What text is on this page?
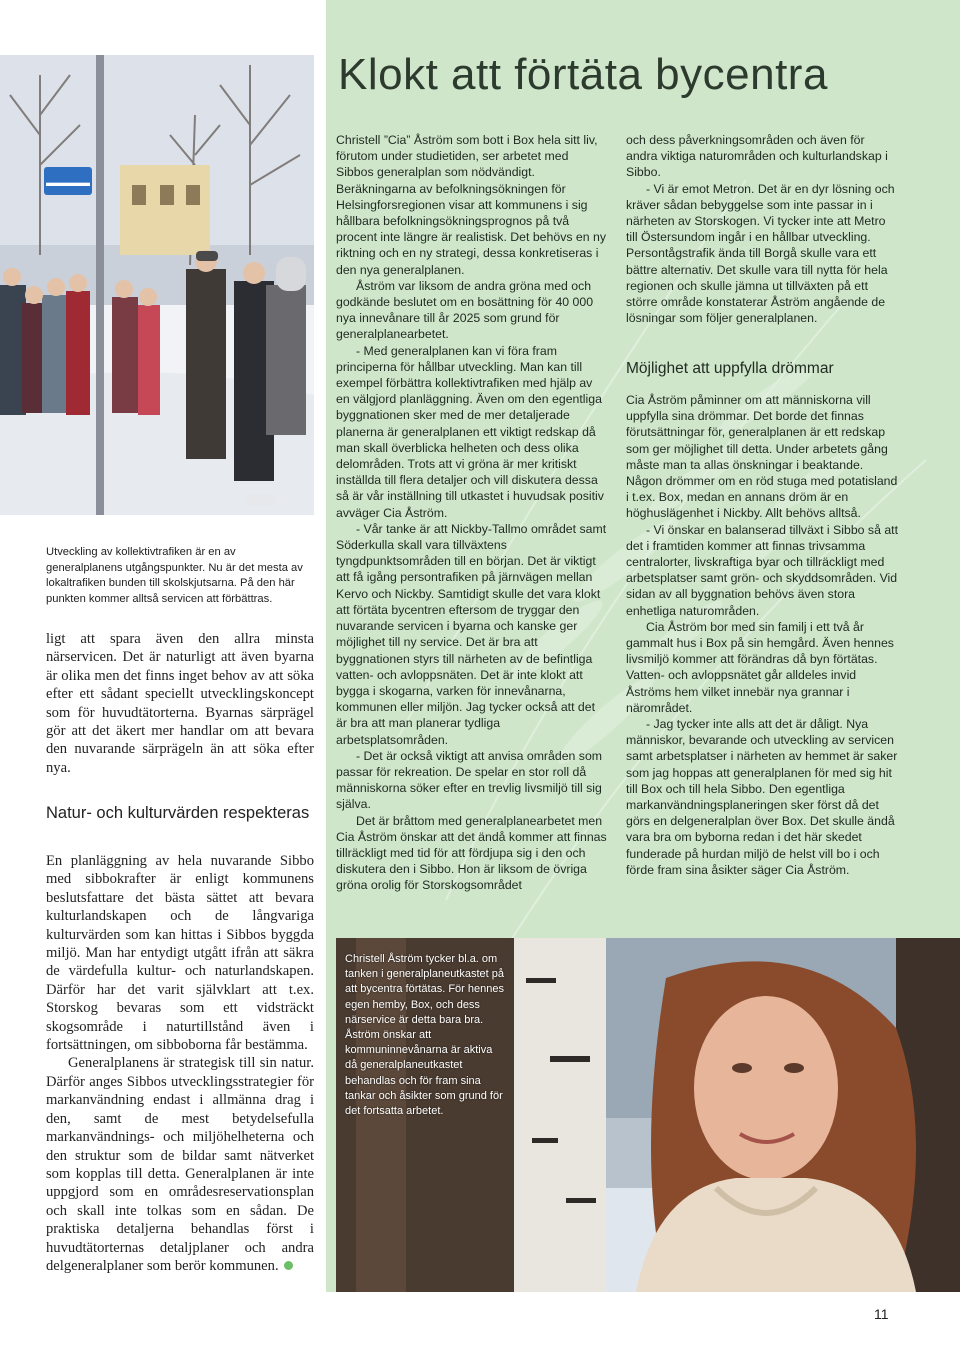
Klokt att förtäta bycentra
▬▬▬▬

Utveckling av kollektivtrafiken är en av generalplanens utgångspunkter. Nu är det mesta av lokaltrafiken bunden till skolskjutsarna. På den här punkten kommer alltså servicen att förbättras.

ligt att spara även den allra minsta närservicen. Det är naturligt att även byarna är olika men det finns inget behov av att söka efter ett sådant speciellt utvecklingskoncept som för huvudtätorterna. Byarnas särprägel gör att det äkert mer handlar om att bevara den nuvarande särprägeln än att söka efter nya.

Natur- och kulturvärden respekteras

En planläggning av hela nuvarande Sibbo med sibbokrafter är enligt kommunens beslutsfattare det bästa sättet att bevara kulturlandskapen och de långvariga kulturvärden som kan hittas i Sibbos byggda miljö. Man har entydigt utgått ifrån att säkra de värdefulla kultur- och naturlandskapen. Därför har det varit självklart att t.ex. Storskog bevaras som ett vidsträckt skogsområde i naturtillstånd även i fortsättningen, om sibboborna får bestämma.

Generalplanens är strategisk till sin natur. Därför anges Sibbos utvecklingsstrategier för markanvändning endast i allmänna drag i den, samt de mest betydelsefulla markanvändnings- och miljöhelheterna och den struktur som de bildar samt nätverket som kopplas till detta. Generalplanen är inte uppgjord som en områdesreservationsplan och skall inte tolkas som en sådan. De praktiska detaljerna behandlas först i huvudtätorternas detaljplaner och andra delgeneralplaner som berör kommunen.

Christell ”Cia” Åström som bott i Box hela sitt liv, förutom under studietiden, ser arbetet med Sibbos generalplan som nödvändigt. Beräkningarna av befolkningsökningen för Helsingforsregionen visar att kommunens i sig hållbara befolkningsökningsprognos på två procent inte längre är realistisk. Det behövs en ny riktning och en ny strategi, dessa konkretiseras i den nya generalplanen.

Åström var liksom de andra gröna med och godkände beslutet om en bosättning för 40 000 nya innevånare till år 2025 som grund för generalplanearbetet.

- Med generalplanen kan vi föra fram principerna för hållbar utveckling. Man kan till exempel förbättra kollektivtrafiken med hjälp av en välgjord planläggning. Även om den egentliga byggnationen sker med de mer detaljerade planerna är generalplanen ett viktigt redskap då man skall överblicka helheten och dess olika delområden. Trots att vi gröna är mer kritiskt inställda till flera detaljer och vill diskutera dessa så är vår inställning till utkastet i huvudsak positiv avväger Cia Åström.

- Vår tanke är att Nickby-Tallmo området samt Söderkulla skall vara tillväxtens tyngdpunktsområden till en början. Det är viktigt att få igång persontrafiken på järnvägen mellan Kervo och Nickby. Samtidigt skulle det vara klokt att förtäta bycentren eftersom de tryggar den nuvarande servicen i byarna och kanske ger möjlighet till ny service. Det är bra att byggnationen styrs till närheten av de befintliga vatten- och avloppsnäten. Det är inte klokt att bygga i skogarna, varken för innevånarna, kommunen eller miljön. Jag tycker också att det är bra att man planerar tydliga arbetsplatsområden.

- Det är också viktigt att anvisa områden som passar för rekreation. De spelar en stor roll då människorna söker efter en trevlig livsmiljö till sig själva.

Det är bråttom med generalplanearbetet men Cia Åström önskar att det ändå kommer att finnas tillräckligt med tid för att fördjupa sig i den och diskutera den i Sibbo. Hon är liksom de övriga gröna orolig för Storskogsområdet

och dess påverkningsområden och även för andra viktiga naturområden och kulturlandskap i Sibbo.

- Vi är emot Metron. Det är en dyr lösning och kräver sådan bebyggelse som inte passar in i närheten av Storskogen. Vi tycker inte att Metro till Östersundom ingår i en hållbar utveckling. Persontågstrafik ända till Borgå skulle vara ett bättre alternativ. Det skulle vara till nytta för hela regionen och skulle jämna ut tillväxten på ett större område konstaterar Åström angående de lösningar som följer generalplanen.

Möjlighet att uppfylla drömmar

Cia Åström påminner om att människorna vill uppfylla sina drömmar. Det borde det finnas förutsättningar för, generalplanen är ett redskap som ger möjlighet till detta. Under arbetets gång måste man ta allas önskningar i beaktande. Någon drömmer om en röd stuga med potatisland i t.ex. Box, medan en annans dröm är en höghuslägenhet i Nickby. Allt behövs alltså.

- Vi önskar en balanserad tillväxt i Sibbo så att det i framtiden kommer att finnas trivsamma centralorter, livskraftiga byar och tillräckligt med arbetsplatser samt grön- och skyddsområden. Vid sidan av all byggnation behövs även stora enhetliga naturområden.

Cia Åström bor med sin familj i ett två år gammalt hus i Box på sin hemgård. Även hennes livsmiljö kommer att förändras då byn förtätas. Vatten- och avloppsnätet går alldeles invid Åströms hem vilket innebär nya grannar i närområdet.

- Jag tycker inte alls att det är dåligt. Nya människor, bevarande och utveckling av servicen samt arbetsplatser i närheten av hemmet är saker som jag hoppas att generalplanen för med sig hit till Box och till hela Sibbo. Den egentliga markanvändningsplaneringen sker först då det görs en delgeneralplan över Box. Det skulle ändå vara bra om byborna redan i det här skedet funderade på hurdan miljö de helst vill bo i och förde fram sina åsikter säger Cia Åström.

Christell Åström tycker bl.a. om tanken i generalplaneutkastet på att bycentra förtätas. För hennes egen hemby, Box, och dess närservice är detta bara bra. Åström önskar att kommuninnevånarna är aktiva då generalplaneutkastet behandlas och för fram sina tankar och åsikter som grund för det fortsatta arbetet.

11
